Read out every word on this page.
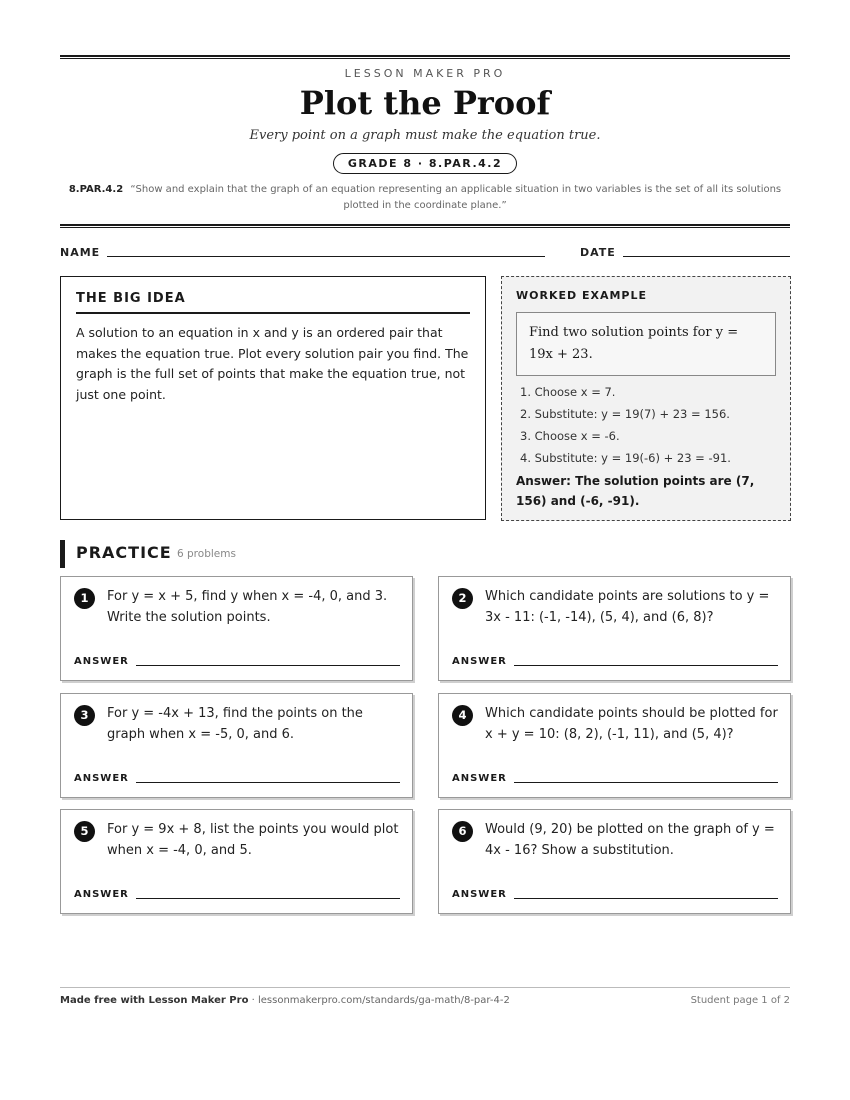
LESSON MAKER PRO
Plot the Proof
Every point on a graph must make the equation true.
GRADE 8 · 8.PAR.4.2
8.PAR.4.2 “Show and explain that the graph of an equation representing an applicable situation in two variables is the set of all its solutions plotted in the coordinate plane.”
NAME	DATE
THE BIG IDEA

A solution to an equation in x and y is an ordered pair that makes the equation true. Plot every solution pair you find. The graph is the full set of points that make the equation true, not just one point.

WORKED EXAMPLE
Find two solution points for y = 19x + 23.
1. Choose x = 7.
2. Substitute: y = 19(7) + 23 = 156.
3. Choose x = -6.
4. Substitute: y = 19(-6) + 23 = -91.
Answer: The solution points are (7, 156) and (-6, -91).
PRACTICE 6 problems
1	For y = x + 5, find y when x = -4, 0, and 3. Write the solution points.
ANSWER
2	Which candidate points are solutions to y = 3x - 11: (-1, -14), (5, 4), and (6, 8)?
ANSWER
3	For y = -4x + 13, find the points on the graph when x = -5, 0, and 6.
ANSWER
4	Which candidate points should be plotted for x + y = 10: (8, 2), (-1, 11), and (5, 4)?
ANSWER
5	For y = 9x + 8, list the points you would plot when x = -4, 0, and 5.
ANSWER
6	Would (9, 20) be plotted on the graph of y = 4x - 16? Show a substitution.
ANSWER
Made free with Lesson Maker Pro · lessonmakerpro.com/standards/ga-math/8-par-4-2	Student page 1 of 2
